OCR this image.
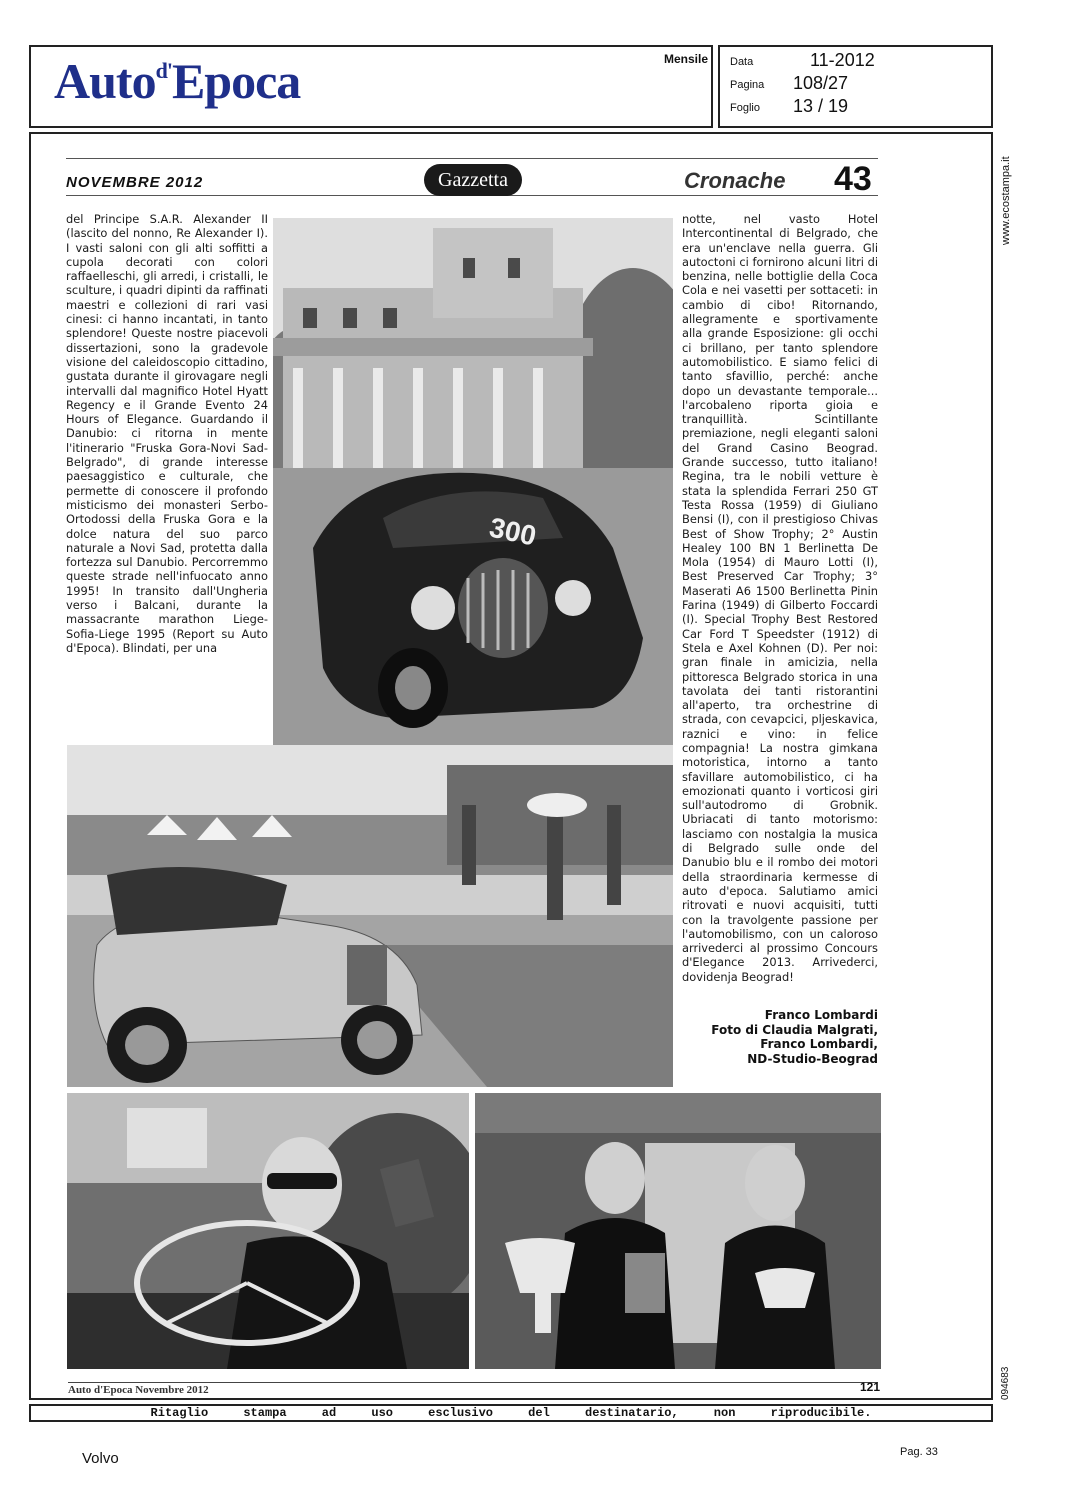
Auto$^{d'}$Epoca	Mensile Data	11-2012
Pagina 108/27
Foglio 13 / 19
www.ecostampa.it
094683
NOVEMBRE 2012	Gazzetta	Cronache 43

del Principe S.A.R. Alexander II (lascito del nonno, Re Alexander I). I vasti saloni con gli alti soffitti a cupola decorati con colori raffaelleschi, gli arredi, i cristalli, le sculture, i quadri dipinti da raffinati maestri e collezioni di rari vasi cinesi: ci hanno incantati, in tanto splendore! Queste nostre piacevoli dissertazioni, sono la gradevole visione del caleidoscopio cittadino, gustata durante il girovagare negli intervalli dal magnifico Hotel Hyatt Regency e il Grande Evento 24 Hours of Elegance. Guardando il Danubio: ci ritorna in mente l'itinerario "Fruska Gora-Novi Sad-Belgrado", di grande interesse paesaggistico e culturale, che permette di conoscere il profondo misticismo dei monasteri Serbo-Ortodossi della Fruska Gora e la dolce natura del suo parco naturale a Novi Sad, protetta dalla fortezza sul Danubio. Percorremmo queste strade nell'infuocato anno 1995! In transito dall'Ungheria verso i Balcani, durante la massacrante marathon Liege-Sofia-Liege 1995 (Report su Auto d'Epoca). Blindati, per una

notte, nel vasto Hotel Intercontinental di Belgrado, che era un'enclave nella guerra. Gli autoctoni ci fornirono alcuni litri di benzina, nelle bottiglie della Coca Cola e nei vasetti per sottaceti: in cambio di cibo! Ritornando, allegramente e sportivamente alla grande Esposizione: gli occhi ci brillano, per tanto splendore automobilistico. E siamo felici di tanto sfavillio, perché: anche dopo un devastante temporale... l'arcobaleno riporta gioia e tranquillità. Scintillante premiazione, negli eleganti saloni del Grand Casino Beograd. Grande successo, tutto italiano! Regina, tra le nobili vetture è stata la splendida Ferrari 250 GT Testa Rossa (1959) di Giuliano Bensi (I), con il prestigioso Chivas Best of Show Trophy; 2° Austin Healey 100 BN 1 Berlinetta De Mola (1954) di Mauro Lotti (I), Best Preserved Car Trophy; 3° Maserati A6 1500 Berlinetta Pinin Farina (1949) di Gilberto Foccardi (I). Special Trophy Best Restored Car Ford T Speedster (1912) di Stela e Axel Kohnen (D). Per noi: gran finale in amicizia, nella pittoresca Belgrado storica in una tavolata dei tanti ristorantini all'aperto, tra orchestrine di strada, con cevapcici, pljeskavica, raznici e vino: in felice compagnia! La nostra gimkana motoristica, intorno a tanto sfavillare automobilistico, ci ha emozionati quanto i vorticosi giri sull'autodromo di Grobnik. Ubriacati di tanto motorismo: lasciamo con nostalgia la musica di Belgrado sulle onde del Danubio blu e il rombo dei motori della straordinaria kermesse di auto d'epoca. Salutiamo amici ritrovati e nuovi acquisiti, tutti con la travolgente passione per l'automobilismo, con un caloroso arrivederci al prossimo Concours d'Elegance 2013. Arrivederci, dovidenja Beograd!

Franco Lombardi
Foto di Claudia Malgrati,
Franco Lombardi,
ND-Studio-Beograd
300
Auto d'Epoca Novembre 2012	121
Ritaglio stampa ad uso esclusivo del destinatario, non riproducibile.
Volvo	Pag. 33
